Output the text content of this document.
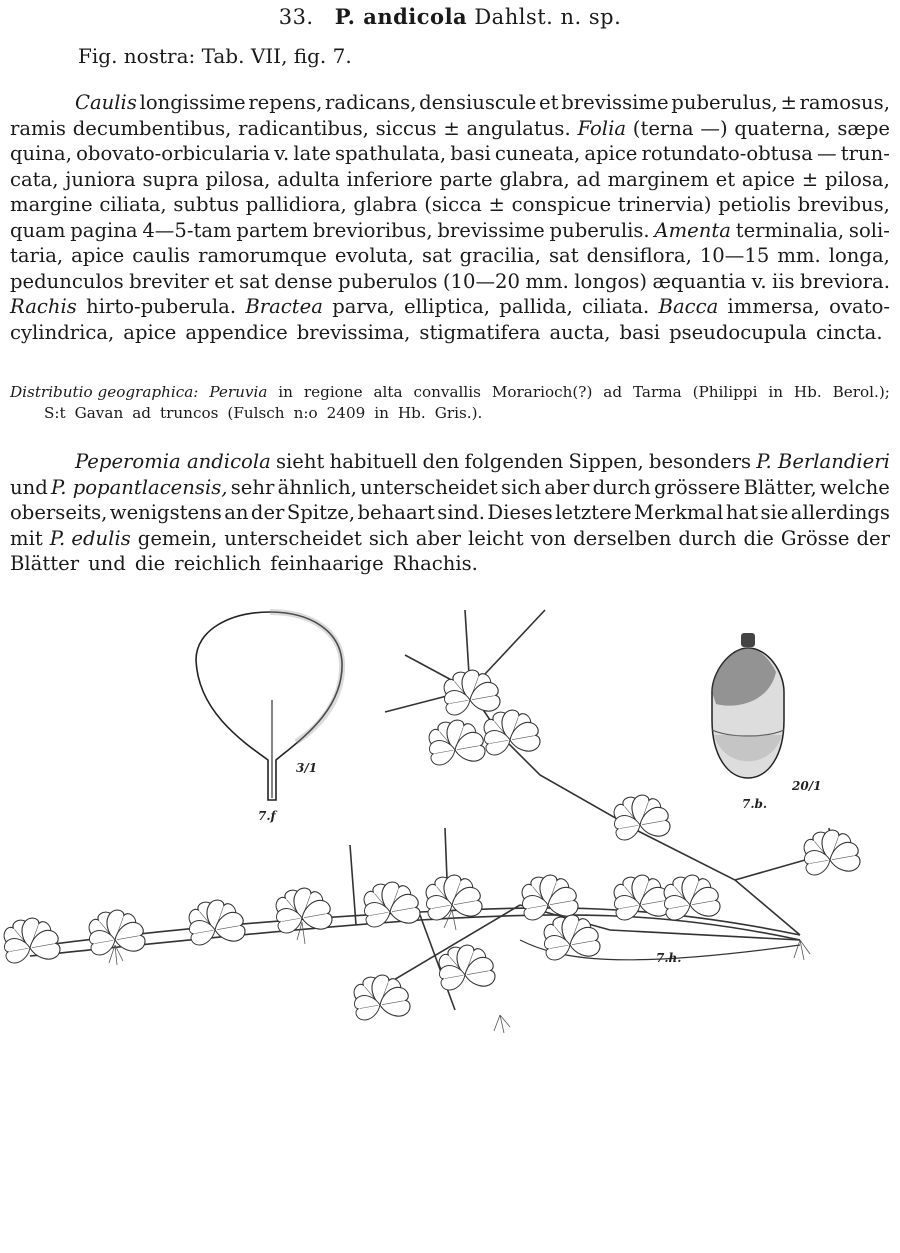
33. P. andicola Dahlst. n. sp.
Fig. nostra: Tab. VII, fig. 7.
Caulis longissime repens, radicans, densiuscule et brevissime puberulus, ± ramosus,
ramis decumbentibus, radicantibus, siccus ± angulatus. Folia (terna —) quaterna, sæpe
quina, obovato-orbicularia v. late spathulata, basi cuneata, apice rotundato-obtusa — trun-
cata, juniora supra pilosa, adulta inferiore parte glabra, ad marginem et apice ± pilosa,
margine ciliata, subtus pallidiora, glabra (sicca ± conspicue trinervia) petiolis brevibus,
quam pagina 4—5-tam partem brevioribus, brevissime puberulis. Amenta terminalia, soli-
taria, apice caulis ramorumque evoluta, sat gracilia, sat densiflora, 10—15 mm. longa,
pedunculos breviter et sat dense puberulos (10—20 mm. longos) æquantia v. iis breviora.
Rachis hirto-puberula. Bractea parva, elliptica, pallida, ciliata. Bacca immersa, ovato-
cylindrica, apice appendice brevissima, stigmatifera aucta, basi pseudocupula cincta.
Distributio geographica: Peruvia in regione alta convallis Morarioch(?) ad Tarma (Philippi in Hb. Berol.);
S:t Gavan ad truncos (Fulsch n:o 2409 in Hb. Gris.).
Peperomia andicola sieht habituell den folgenden Sippen, besonders P. Berlandieri
und P. popantlacensis, sehr ähnlich, unterscheidet sich aber durch grössere Blätter, welche
oberseits, wenigstens an der Spitze, behaart sind. Dieses letztere Merkmal hat sie allerdings
mit P. edulis gemein, unterscheidet sich aber leicht von derselben durch die Grösse der
Blätter und die reichlich feinhaarige Rhachis.
7.f
3/1
7.b.
20/1
7.h.
